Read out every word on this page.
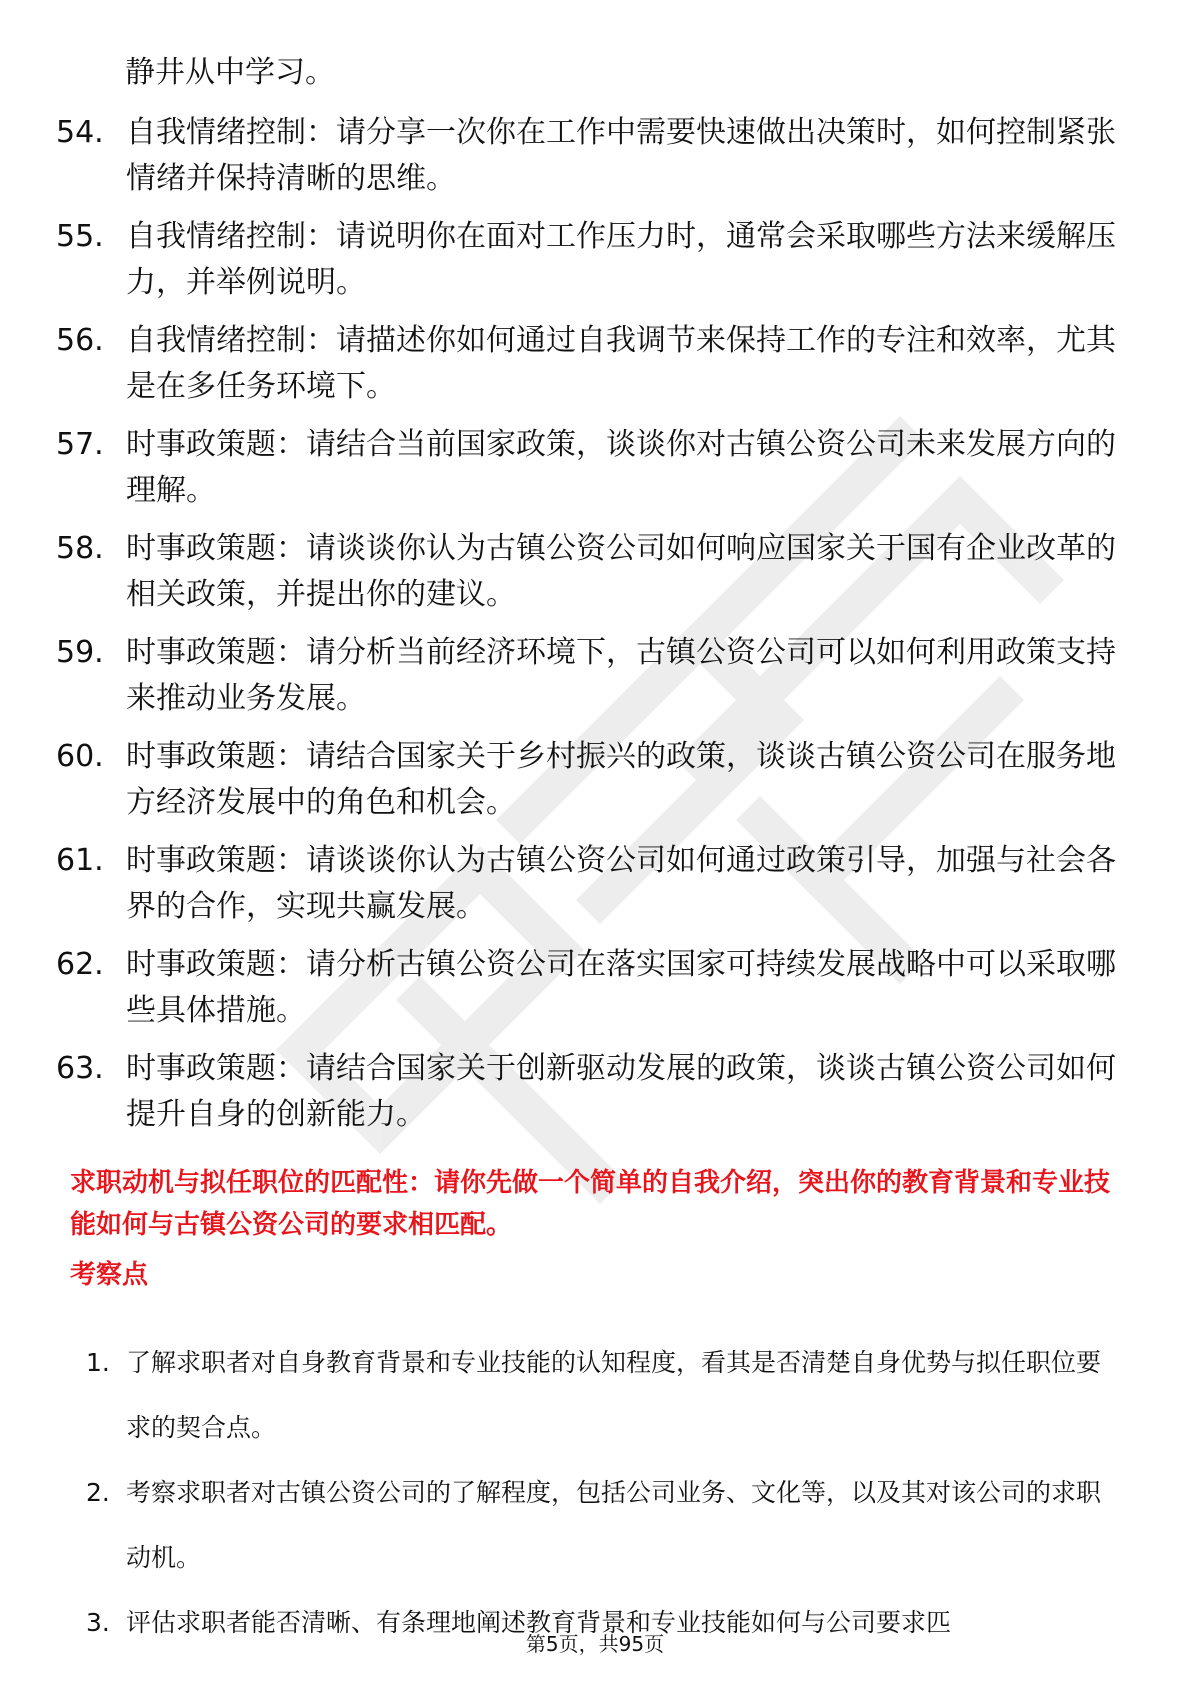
静井从中学习。
54. 自我情绪控制：请分享一次你在工作中需要快速做出决策时，如何控制紧张情绪并保持清晰的思维。
55. 自我情绪控制：请说明你在面对工作压力时，通常会采取哪些方法来缓解压力，并举例说明。
56. 自我情绪控制：请描述你如何通过自我调节来保持工作的专注和效率，尤其是在多任务环境下。
57. 时事政策题：请结合当前国家政策，谈谈你对古镇公资公司未来发展方向的理解。
58. 时事政策题：请谈谈你认为古镇公资公司如何响应国家关于国有企业改革的相关政策，并提出你的建议。
59. 时事政策题：请分析当前经济环境下，古镇公资公司可以如何利用政策支持来推动业务发展。
60. 时事政策题：请结合国家关于乡村振兴的政策，谈谈古镇公资公司在服务地方经济发展中的角色和机会。
61. 时事政策题：请谈谈你认为古镇公资公司如何通过政策引导，加强与社会各界的合作，实现共赢发展。
62. 时事政策题：请分析古镇公资公司在落实国家可持续发展战略中可以采取哪些具体措施。
63. 时事政策题：请结合国家关于创新驱动发展的政策，谈谈古镇公资公司如何提升自身的创新能力。
求职动机与拟任职位的匹配性：请你先做一个简单的自我介绍，突出你的教育背景和专业技能如何与古镇公资公司的要求相匹配。
考察点
1. 了解求职者对自身教育背景和专业技能的认知程度，看其是否清楚自身优势与拟任职位要求的契合点。
2. 考察求职者对古镇公资公司的了解程度，包括公司业务、文化等，以及其对该公司的求职动机。
3. 评估求职者能否清晰、有条理地阐述教育背景和专业技能如何与公司要求匹
第5页，共95页
